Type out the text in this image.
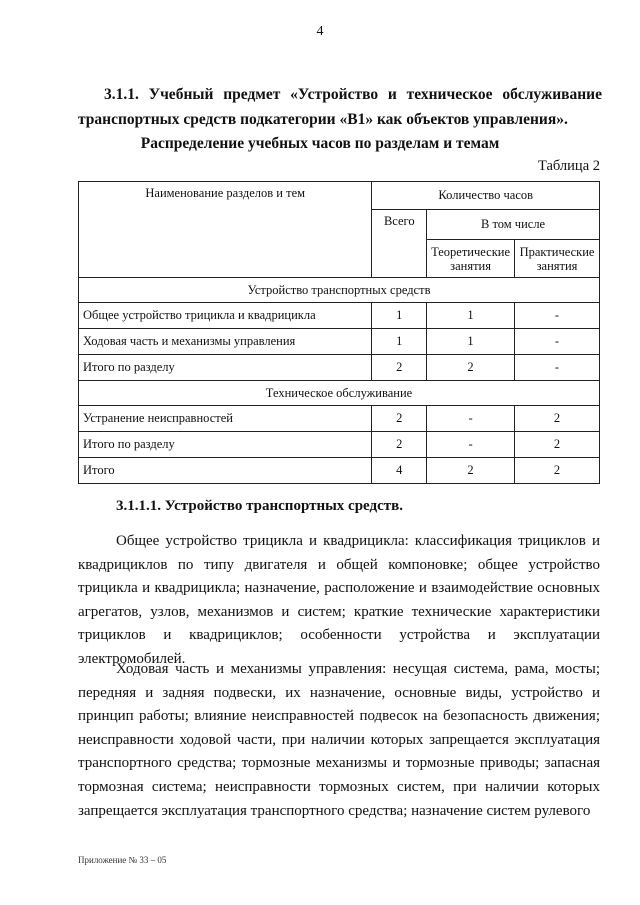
4
3.1.1. Учебный предмет «Устройство и техническое обслуживание
транспортных средств подкатегории «B1» как объектов управления».
Распределение учебных часов по разделам и темам
Таблица 2
Наименование разделов и тем	Количество часов		
	Всего	В том числе	
		Теоретические занятия	Практические занятия
Устройство транспортных средств			
Общее устройство трицикла и квадрицикла	1	1	-
Ходовая часть и механизмы управления	1	1	-
Итого по разделу	2	2	-
Техническое обслуживание			
Устранение неисправностей	2	-	2
Итого по разделу	2	-	2
Итого	4	2	2
3.1.1.1. Устройство транспортных средств.
Общее устройство трицикла и квадрицикла: классификация трициклов и квадрициклов по типу двигателя и общей компоновке; общее устройство трицикла и квадрицикла; назначение, расположение и взаимодействие основных агрегатов, узлов, механизмов и систем; краткие технические характеристики трициклов и квадрициклов; особенности устройства и эксплуатации электромобилей.
Ходовая часть и механизмы управления: несущая система, рама, мосты; передняя и задняя подвески, их назначение, основные виды, устройство и принцип работы; влияние неисправностей подвесок на безопасность движения; неисправности ходовой части, при наличии которых запрещается эксплуатация транспортного средства; тормозные механизмы и тормозные приводы; запасная тормозная система; неисправности тормозных систем, при наличии которых запрещается эксплуатация транспортного средства; назначение систем рулевого
Приложение № 33 – 05
